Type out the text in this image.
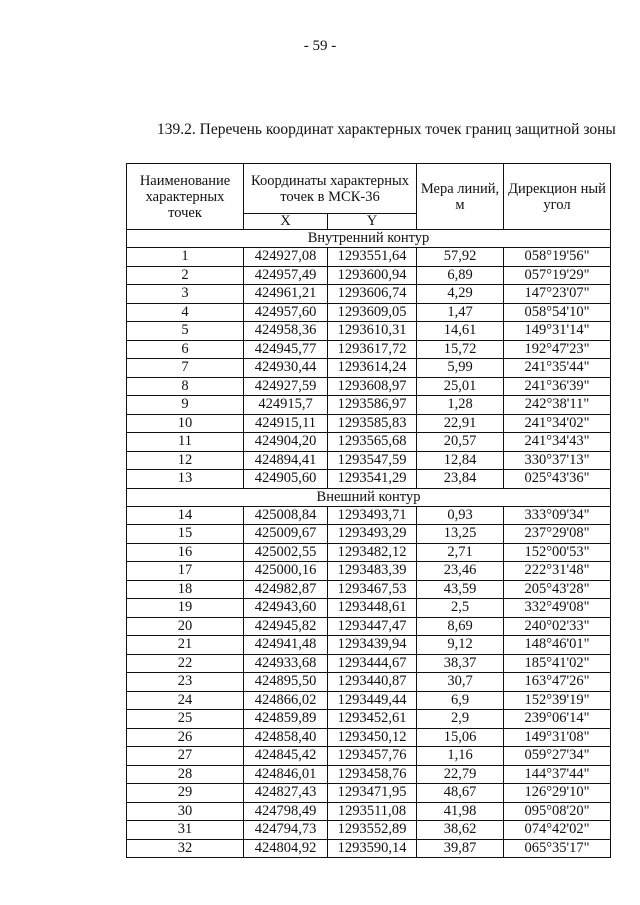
- 59 -
139.2. Перечень координат характерных точек границ защитной зоны
Наименование характерных точек	Координаты характерных точек в МСК-36		Мера линий, м	Дирекцион ный угол
	X	Y		
Внутренний контур				
1	424927,08	1293551,64	57,92	058°19'56"
2	424957,49	1293600,94	6,89	057°19'29"
3	424961,21	1293606,74	4,29	147°23'07"
4	424957,60	1293609,05	1,47	058°54'10"
5	424958,36	1293610,31	14,61	149°31'14"
6	424945,77	1293617,72	15,72	192°47'23"
7	424930,44	1293614,24	5,99	241°35'44"
8	424927,59	1293608,97	25,01	241°36'39"
9	424915,7	1293586,97	1,28	242°38'11"
10	424915,11	1293585,83	22,91	241°34'02"
11	424904,20	1293565,68	20,57	241°34'43"
12	424894,41	1293547,59	12,84	330°37'13"
13	424905,60	1293541,29	23,84	025°43'36"
Внешний контур				
14	425008,84	1293493,71	0,93	333°09'34"
15	425009,67	1293493,29	13,25	237°29'08"
16	425002,55	1293482,12	2,71	152°00'53"
17	425000,16	1293483,39	23,46	222°31'48"
18	424982,87	1293467,53	43,59	205°43'28"
19	424943,60	1293448,61	2,5	332°49'08"
20	424945,82	1293447,47	8,69	240°02'33"
21	424941,48	1293439,94	9,12	148°46'01"
22	424933,68	1293444,67	38,37	185°41'02"
23	424895,50	1293440,87	30,7	163°47'26"
24	424866,02	1293449,44	6,9	152°39'19"
25	424859,89	1293452,61	2,9	239°06'14"
26	424858,40	1293450,12	15,06	149°31'08"
27	424845,42	1293457,76	1,16	059°27'34"
28	424846,01	1293458,76	22,79	144°37'44"
29	424827,43	1293471,95	48,67	126°29'10"
30	424798,49	1293511,08	41,98	095°08'20"
31	424794,73	1293552,89	38,62	074°42'02"
32	424804,92	1293590,14	39,87	065°35'17"
